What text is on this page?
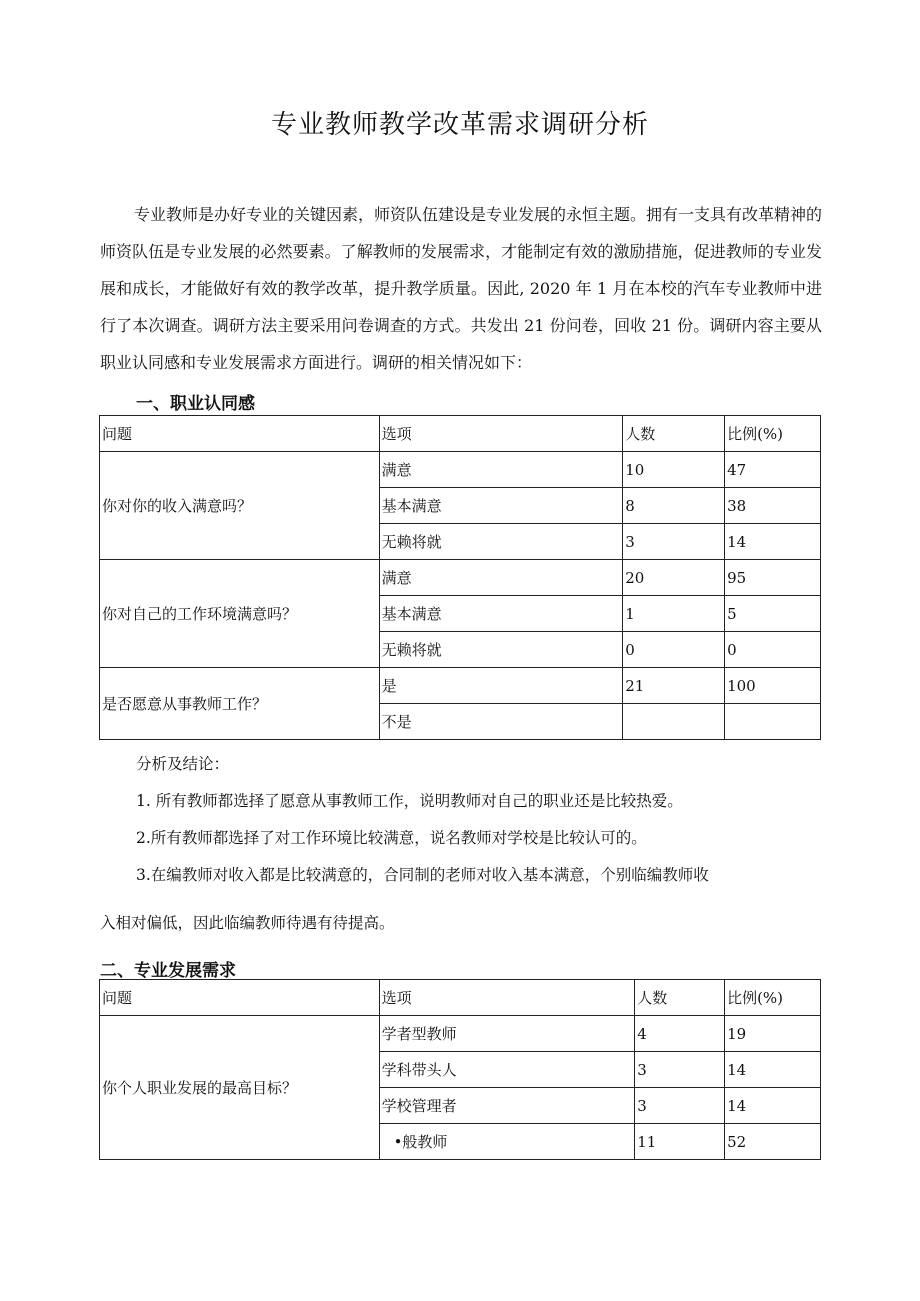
专业教师教学改革需求调研分析

专业教师是办好专业的关键因素，师资队伍建设是专业发展的永恒主题。拥有一支具有改革精神的师资队伍是专业发展的必然要素。了解教师的发展需求，才能制定有效的激励措施，促进教师的专业发展和成长，才能做好有效的教学改革，提升教学质量。因此, 2020 年 1 月在本校的汽车专业教师中进行了本次调查。调研方法主要采用问卷调查的方式。共发出 21 份问卷，回收 21 份。调研内容主要从职业认同感和专业发展需求方面进行。调研的相关情况如下：

一、职业认同感
问题	选项	人数	比例(%)
你对你的收入满意吗？	满意	10	47
	基本满意	8	38
	无赖将就	3	14
你对自己的工作环境满意吗？	满意	20	95
	基本满意	1	5
	无赖将就	0	0
是否愿意从事教师工作？	是	21	100
	不是		

分析及结论：

1. 所有教师都选择了愿意从事教师工作，说明教师对自己的职业还是比较热爱。

2.所有教师都选择了对工作环境比较满意，说名教师对学校是比较认可的。

3.在编教师对收入都是比较满意的，合同制的老师对收入基本满意，个别临编教师收

入相对偏低，因此临编教师待遇有待提高。

二、专业发展需求
问题	选项	人数	比例(%)
你个人职业发展的最高目标？	学者型教师	4	19
	学科带头人	3	14
	学校管理者	3	14
	•般教师	11	52
